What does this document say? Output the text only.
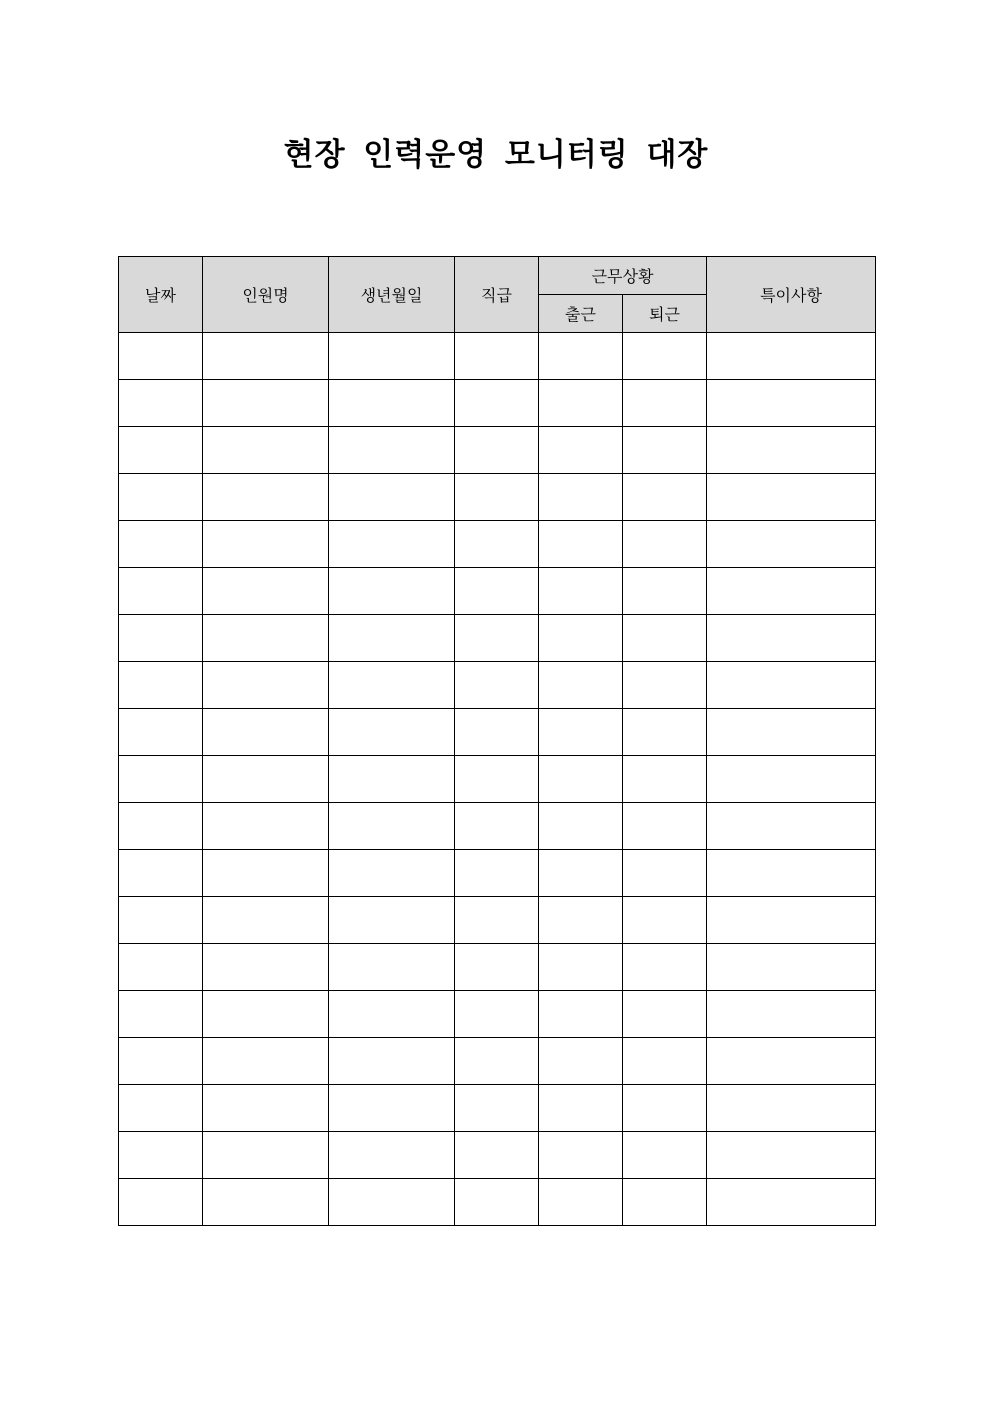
현장 인력운영 모니터링 대장
날짜	인원명	생년월일	직급	근무상황		특이사항
				출근	퇴근	
